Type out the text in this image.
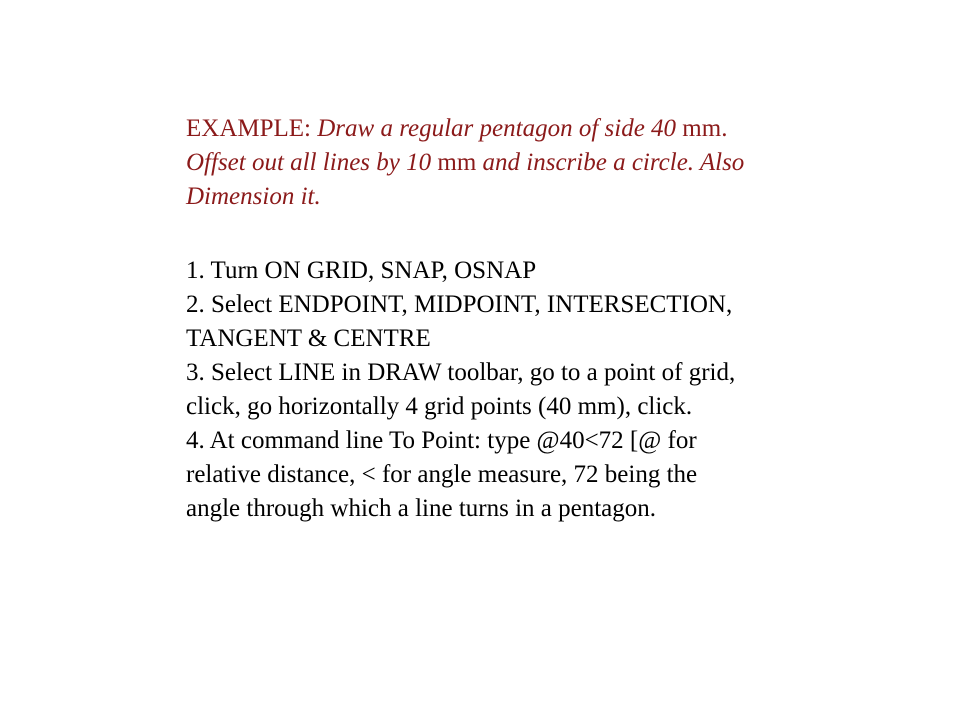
EXAMPLE: Draw a regular pentagon of side 40 mm.
Offset out all lines by 10 mm and inscribe a circle. Also
Dimension it.
1. Turn ON GRID, SNAP, OSNAP
2. Select ENDPOINT, MIDPOINT, INTERSECTION,
TANGENT & CENTRE
3. Select LINE in DRAW toolbar, go to a point of grid,
click, go horizontally 4 grid points (40 mm), click.
4. At command line To Point: type @40<72 [@ for
relative distance, < for angle measure, 72 being the
angle through which a line turns in a pentagon.
